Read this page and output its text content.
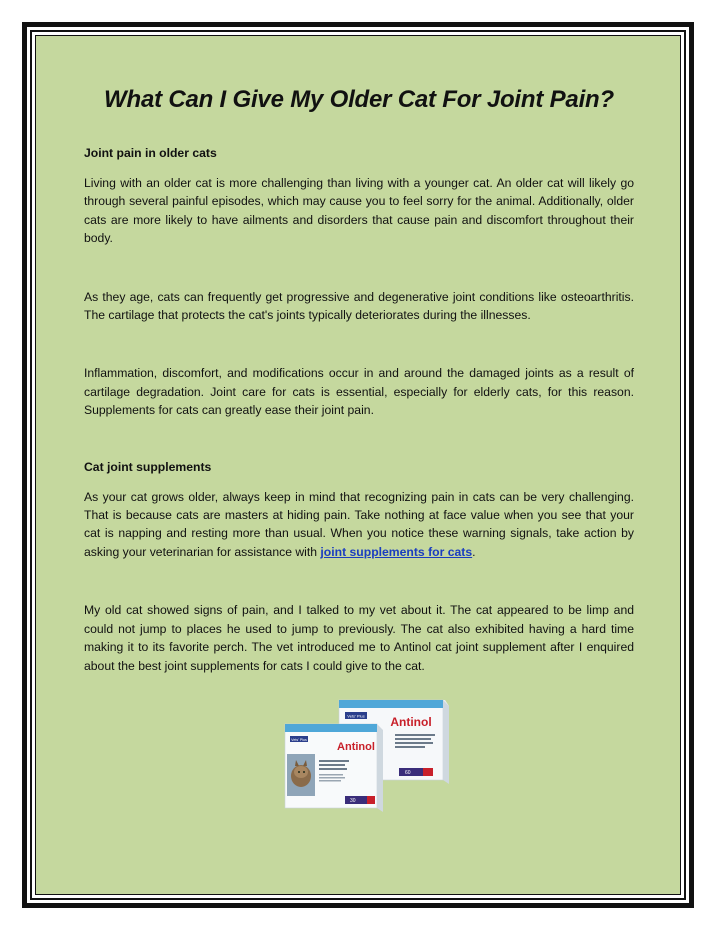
What Can I Give My Older Cat For Joint Pain?
Joint pain in older cats

Living with an older cat is more challenging than living with a younger cat. An older cat will likely go through several painful episodes, which may cause you to feel sorry for the animal. Additionally, older cats are more likely to have ailments and disorders that cause pain and discomfort throughout their body.

As they age, cats can frequently get progressive and degenerative joint conditions like osteoarthritis. The cartilage that protects the cat's joints typically deteriorates during the illnesses.

Inflammation, discomfort, and modifications occur in and around the damaged joints as a result of cartilage degradation. Joint care for cats is essential, especially for elderly cats, for this reason. Supplements for cats can greatly ease their joint pain.

Cat joint supplements

As your cat grows older, always keep in mind that recognizing pain in cats can be very challenging. That is because cats are masters at hiding pain. Take nothing at face value when you see that your cat is napping and resting more than usual. When you notice these warning signals, take action by asking your veterinarian for assistance with joint supplements for cats.

My old cat showed signs of pain, and I talked to my vet about it. The cat appeared to be limp and could not jump to places he used to jump to previously. The cat also exhibited having a hard time making it to its favorite perch. The vet introduced me to Antinol cat joint supplement after I enquired about the best joint supplements for cats I could give to the cat.

Vets' Plus Antinol
60
Vets' Plus
Antinol
30
